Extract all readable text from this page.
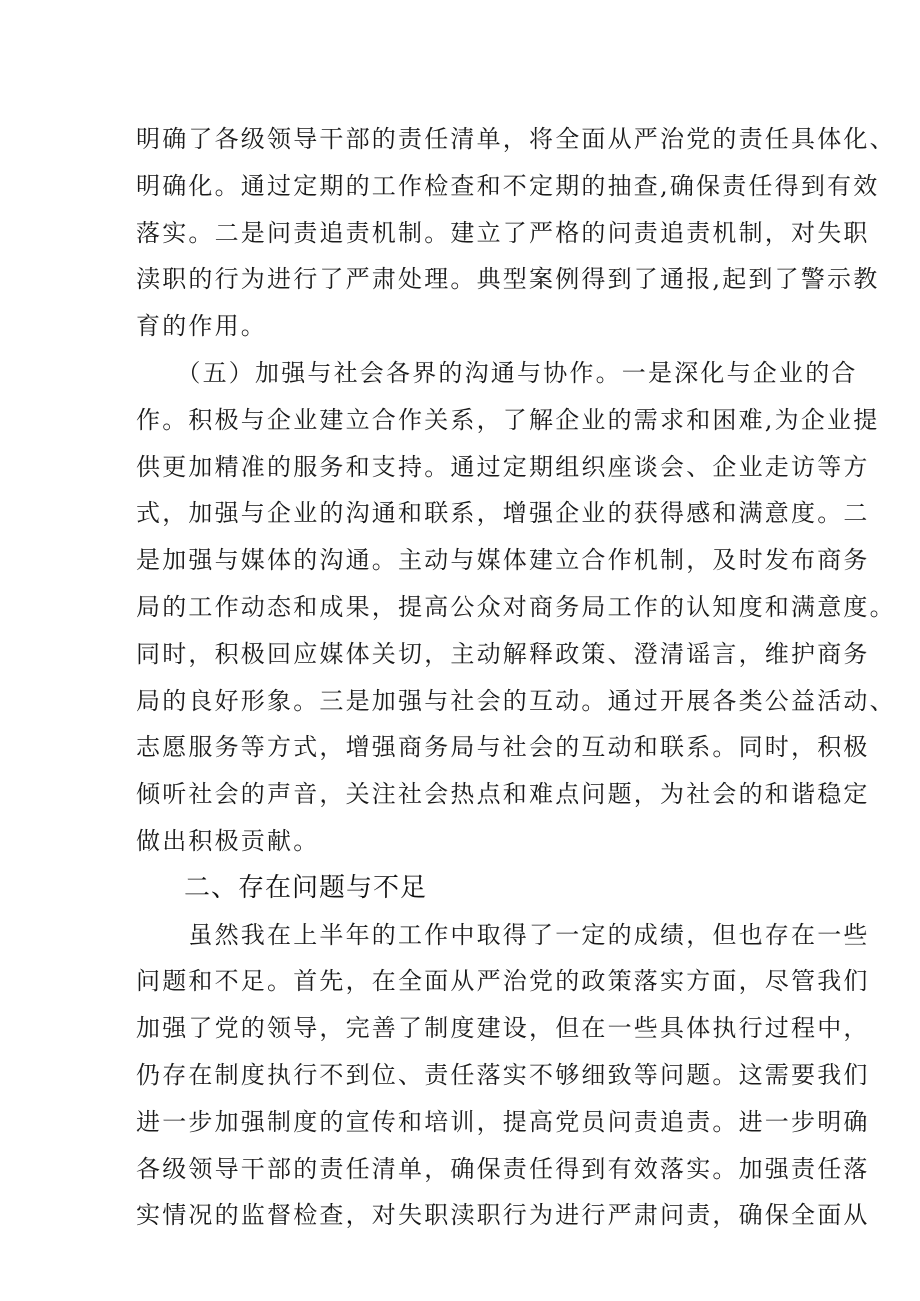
明确了各级领导干部的责任清单，将全面从严治党的责任具体化、
明确化。通过定期的工作检查和不定期的抽查,确保责任得到有效
落实。二是问责追责机制。建立了严格的问责追责机制，对失职
渎职的行为进行了严肃处理。典型案例得到了通报,起到了警示教
育的作用。
　　（五）加强与社会各界的沟通与协作。一是深化与企业的合
作。积极与企业建立合作关系，了解企业的需求和困难,为企业提
供更加精准的服务和支持。通过定期组织座谈会、企业走访等方
式，加强与企业的沟通和联系，增强企业的获得感和满意度。二
是加强与媒体的沟通。主动与媒体建立合作机制，及时发布商务
局的工作动态和成果，提高公众对商务局工作的认知度和满意度。
同时，积极回应媒体关切，主动解释政策、澄清谣言，维护商务
局的良好形象。三是加强与社会的互动。通过开展各类公益活动、
志愿服务等方式，增强商务局与社会的互动和联系。同时，积极
倾听社会的声音，关注社会热点和难点问题，为社会的和谐稳定
做出积极贡献。
二、存在问题与不足
　　虽然我在上半年的工作中取得了一定的成绩，但也存在一些
问题和不足。首先，在全面从严治党的政策落实方面，尽管我们
加强了党的领导，完善了制度建设，但在一些具体执行过程中，
仍存在制度执行不到位、责任落实不够细致等问题。这需要我们
进一步加强制度的宣传和培训，提高党员问责追责。进一步明确
各级领导干部的责任清单，确保责任得到有效落实。加强责任落
实情况的监督检查，对失职渎职行为进行严肃问责，确保全面从
